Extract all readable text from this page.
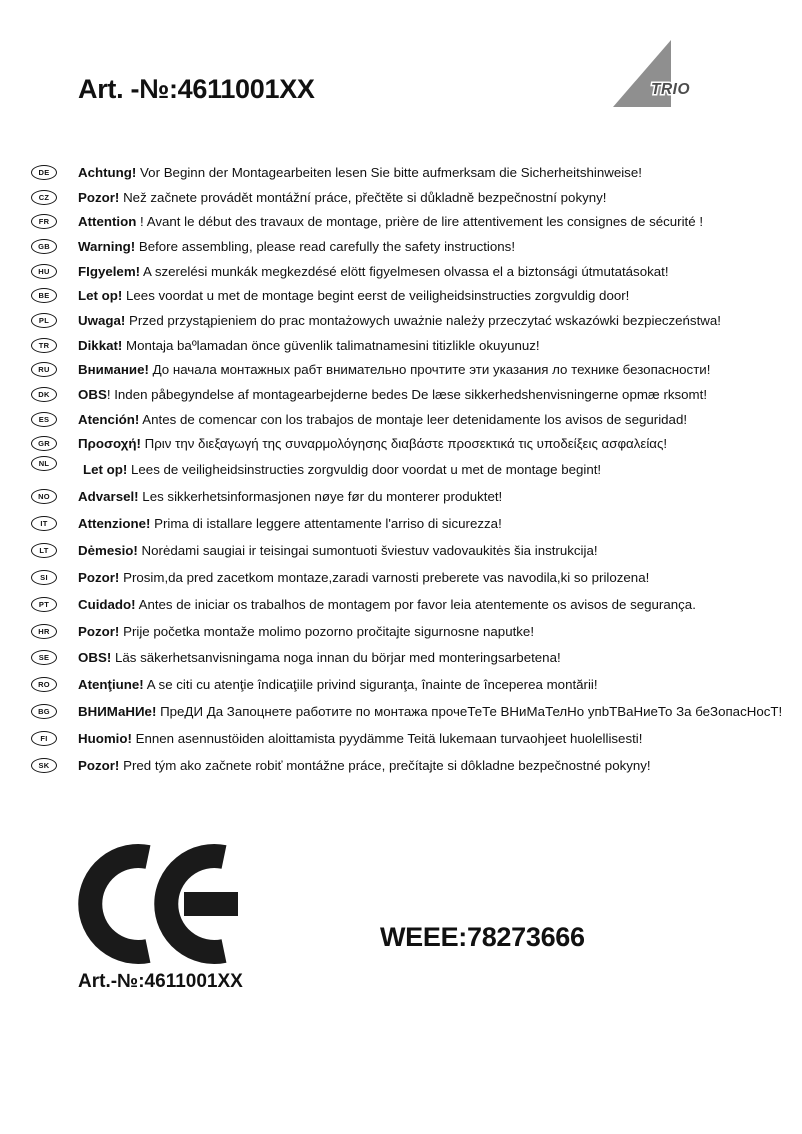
Art. -№:4611001XX	TRIO
DE	Achtung! Vor Beginn der Montagearbeiten lesen Sie bitte aufmerksam die Sicherheitshinweise!
CZ	Pozor! Než začnete provádět montážní práce, přečtěte si důkladně bezpečnostní pokyny!
FR	Attention ! Avant le début des travaux de montage, prière de lire attentivement les consignes de sécurité !
GB	Warning! Before assembling, please read carefully the safety instructions!
HU	FIgyelem! A szerelési munkák megkezdésé elött figyelmesen olvassa el a biztonsági útmutatásokat!
BE	Let op! Lees voordat u met de montage begint eerst de veiligheidsinstructies zorgvuldig door!
PL	Uwaga! Przed przystąpieniem do prac montażowych uważnie należy przeczytać wskazówki bezpieczeństwa!
TR	Dikkat! Montaja baºlamadan önce güvenlik talimatnamesini titizlikle okuyunuz!
RU	Внимание! До начала монтажных рабт внимательно прочтите эти указания ло технике безопасности!
DK	OBS! Inden påbegyndelse af montagearbejderne bedes De læse sikkerhedshenvisningerne opmæ rksomt!
ES	Atención! Antes de comencar con los trabajos de montaje leer detenidamente los avisos de seguridad!
GR	Προσοχή! Πριν την διεξαγωγή της συναρμολόγησης διαβάστε προσεκτικά τις υποδείξεις ασφαλείας!
NL	Let op! Lees de veiligheidsinstructies zorgvuldig door voordat u met de montage begint!
NO	Advarsel! Les sikkerhetsinformasjonen nøye før du monterer produktet!
IT	Attenzione! Prima di istallare leggere attentamente l'arriso di sicurezza!
LT	Dėmesio! Norėdami saugiai ir teisingai sumontuoti šviestuv vadovaukitės šia instrukcija!
SI	Pozor! Prosim,da pred zacetkom montaze,zaradi varnosti preberete vas navodila,ki so prilozena!
PT	Cuidado! Antes de iniciar os trabalhos de montagem por favor leia atentemente os avisos de segurança.
HR	Pozor! Prije početka montaže molimo pozorno pročitajte sigurnosne naputke!
SE	OBS! Läs säkerhetsanvisningama noga innan du börjar med monteringsarbetena!
RO	Atenţiune! A se citi cu atenţie îndicaţiile privind siguranţa, înainte de începerea montării!
BG	ВНИМаНИе! ПреДИ Да Запоцнете работите по монтажа прочеТеТе ВНиМаТелНо упbТВаНиеТо За беЗопасНосТ!
FI	Huomio! Ennen asennustöiden aloittamista pyydämme Teitä lukemaan turvaohjeet huolellisesti!
SK	Pozor! Pred tým ako začnete robiť montážne práce, prečítajte si dôkladne bezpečnostné pokyny!
WEEE:78273666
Art.-№:4611001XX
